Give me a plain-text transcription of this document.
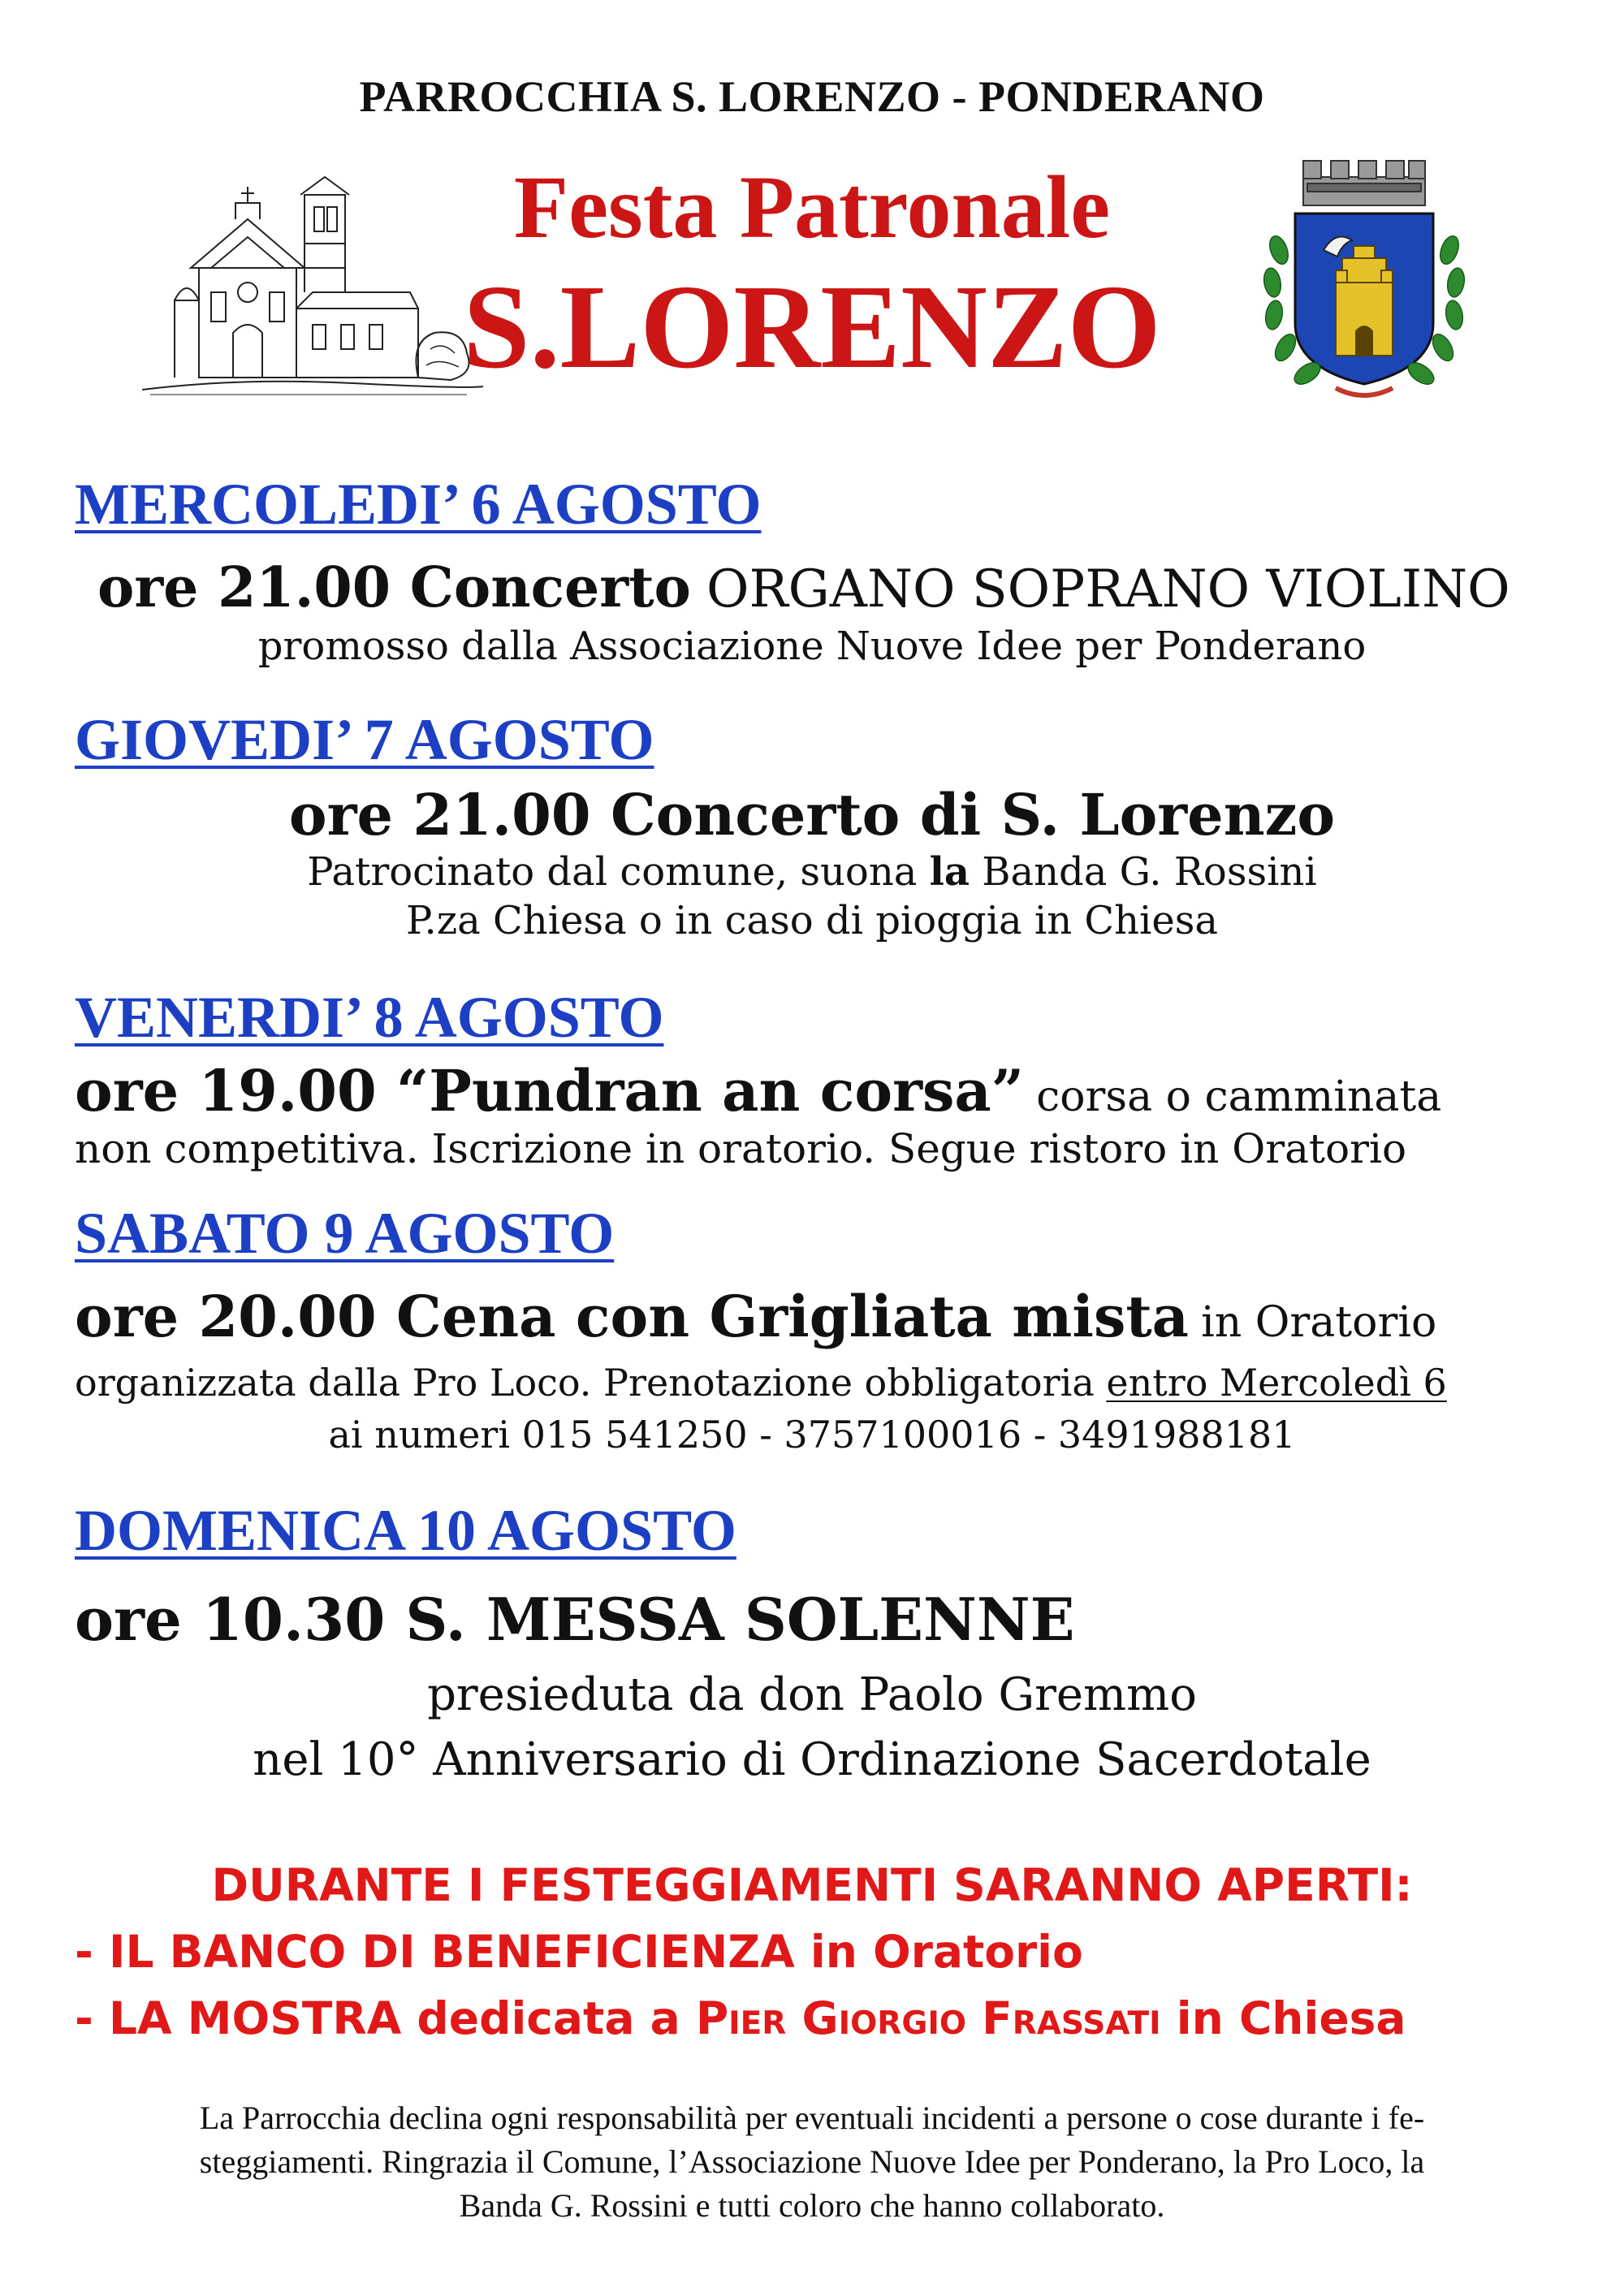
PARROCCHIA S. LORENZO - PONDERANO
Festa Patronale
S.LORENZO
MERCOLEDI’ 6 AGOSTO
ore 21.00 Concerto ORGANO SOPRANO VIOLINO
promosso dalla Associazione Nuove Idee per Ponderano
GIOVEDI’ 7 AGOSTO
ore 21.00 Concerto di S. Lorenzo
Patrocinato dal comune, suona la Banda G. Rossini
P.za Chiesa o in caso di pioggia in Chiesa
VENERDI’ 8 AGOSTO
ore 19.00 “Pundran an corsa” corsa o camminata
non competitiva. Iscrizione in oratorio. Segue ristoro in Oratorio
SABATO 9 AGOSTO
ore 20.00 Cena con Grigliata mista in Oratorio
organizzata dalla Pro Loco. Prenotazione obbligatoria entro Mercoledì 6
ai numeri 015 541250 - 3757100016 - 3491988181
DOMENICA 10 AGOSTO
ore 10.30 S. MESSA SOLENNE
presieduta da don Paolo Gremmo
nel 10° Anniversario di Ordinazione Sacerdotale
DURANTE I FESTEGGIAMENTI SARANNO APERTI:
- IL BANCO DI BENEFICIENZA in Oratorio
- LA MOSTRA dedicata a Pier Giorgio Frassati in Chiesa
La Parrocchia declina ogni responsabilità per eventuali incidenti a persone o cose durante i fe-
steggiamenti. Ringrazia il Comune, l’Associazione Nuove Idee per Ponderano, la Pro Loco, la
Banda G. Rossini e tutti coloro che hanno collaborato.
